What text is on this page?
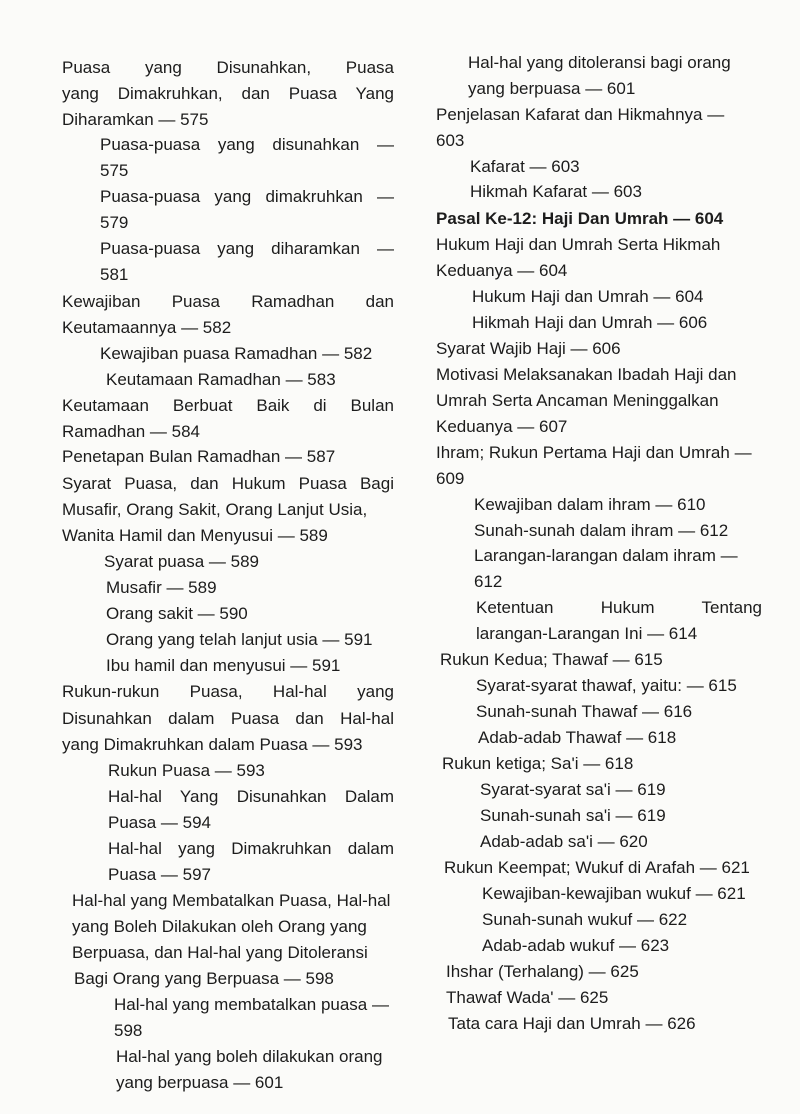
Puasa yang Disunahkan, Puasa
yang Dimakruhkan, dan Puasa Yang
Diharamkan — 575
Puasa-puasa yang disunahkan —
575
Puasa-puasa yang dimakruhkan —
579
Puasa-puasa yang diharamkan —
581
Kewajiban Puasa Ramadhan dan
Keutamaannya — 582
Kewajiban puasa Ramadhan — 582
Keutamaan Ramadhan — 583
Keutamaan Berbuat Baik di Bulan
Ramadhan — 584
Penetapan Bulan Ramadhan — 587
Syarat Puasa, dan Hukum Puasa Bagi
Musafir, Orang Sakit, Orang Lanjut Usia,
Wanita Hamil dan Menyusui — 589
Syarat puasa — 589
Musafir — 589
Orang sakit — 590
Orang yang telah lanjut usia — 591
Ibu hamil dan menyusui — 591
Rukun-rukun Puasa, Hal-hal yang
Disunahkan dalam Puasa dan Hal-hal
yang Dimakruhkan dalam Puasa — 593
Rukun Puasa — 593
Hal-hal Yang Disunahkan Dalam
Puasa — 594
Hal-hal yang Dimakruhkan dalam
Puasa — 597
Hal-hal yang Membatalkan Puasa, Hal-hal
yang Boleh Dilakukan oleh Orang yang
Berpuasa, dan Hal-hal yang Ditoleransi
Bagi Orang yang Berpuasa — 598
Hal-hal yang membatalkan puasa —
598
Hal-hal yang boleh dilakukan orang
yang berpuasa — 601
Hal-hal yang ditoleransi bagi orang
yang berpuasa — 601
Penjelasan Kafarat dan Hikmahnya —
603
Kafarat — 603
Hikmah Kafarat — 603
Pasal Ke-12: Haji Dan Umrah — 604
Hukum Haji dan Umrah Serta Hikmah
Keduanya — 604
Hukum Haji dan Umrah — 604
Hikmah Haji dan Umrah — 606
Syarat Wajib Haji — 606
Motivasi Melaksanakan Ibadah Haji dan
Umrah Serta Ancaman Meninggalkan
Keduanya — 607
Ihram; Rukun Pertama Haji dan Umrah —
609
Kewajiban dalam ihram — 610
Sunah-sunah dalam ihram — 612
Larangan-larangan dalam ihram —
612
Ketentuan Hukum Tentang
larangan-Larangan Ini — 614
Rukun Kedua; Thawaf — 615
Syarat-syarat thawaf, yaitu: — 615
Sunah-sunah Thawaf — 616
Adab-adab Thawaf — 618
Rukun ketiga; Sa'i — 618
Syarat-syarat sa'i — 619
Sunah-sunah sa'i — 619
Adab-adab sa'i — 620
Rukun Keempat; Wukuf di Arafah — 621
Kewajiban-kewajiban wukuf — 621
Sunah-sunah wukuf — 622
Adab-adab wukuf — 623
Ihshar (Terhalang) — 625
Thawaf Wada' — 625
Tata cara Haji dan Umrah — 626
